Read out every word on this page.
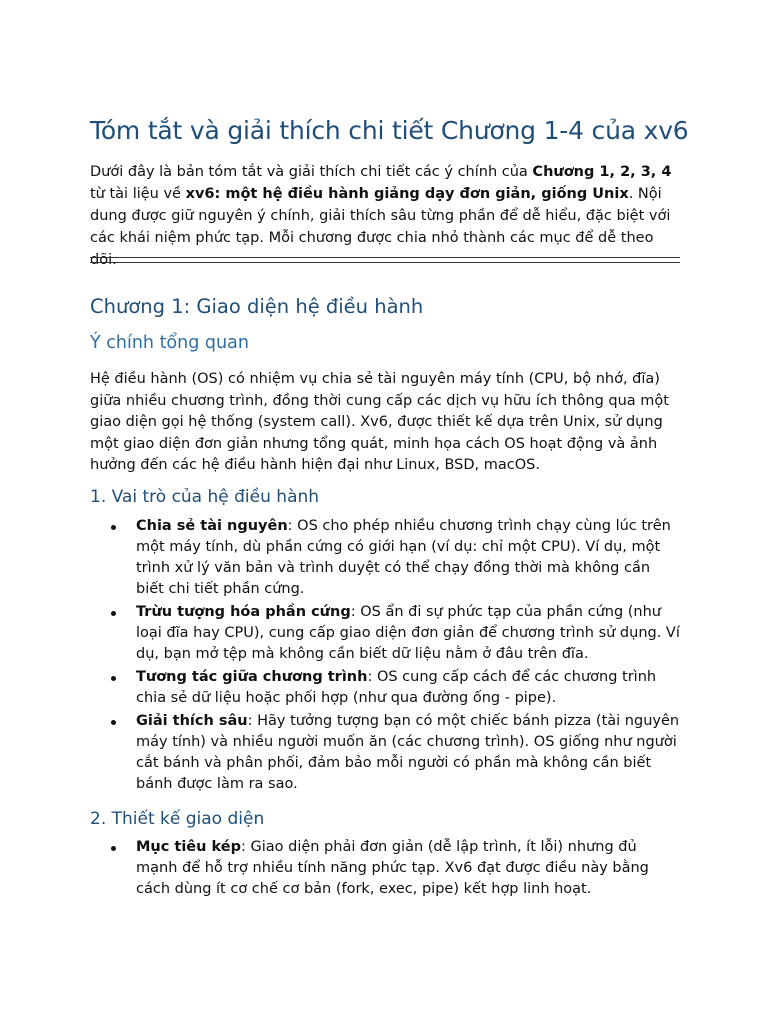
Tóm tắt và giải thích chi tiết Chương 1-4 của xv6

Dưới đây là bản tóm tắt và giải thích chi tiết các ý chính của Chương 1, 2, 3, 4 từ tài liệu về xv6: một hệ điều hành giảng dạy đơn giản, giống Unix. Nội dung được giữ nguyên ý chính, giải thích sâu từng phần để dễ hiểu, đặc biệt với các khái niệm phức tạp. Mỗi chương được chia nhỏ thành các mục để dễ theo dõi.

Chương 1: Giao diện hệ điều hành
Ý chính tổng quan

Hệ điều hành (OS) có nhiệm vụ chia sẻ tài nguyên máy tính (CPU, bộ nhớ, đĩa) giữa nhiều chương trình, đồng thời cung cấp các dịch vụ hữu ích thông qua một giao diện gọi hệ thống (system call). Xv6, được thiết kế dựa trên Unix, sử dụng một giao diện đơn giản nhưng tổng quát, minh họa cách OS hoạt động và ảnh hưởng đến các hệ điều hành hiện đại như Linux, BSD, macOS.

1. Vai trò của hệ điều hành
Chia sẻ tài nguyên: OS cho phép nhiều chương trình chạy cùng lúc trên một máy tính, dù phần cứng có giới hạn (ví dụ: chỉ một CPU). Ví dụ, một trình xử lý văn bản và trình duyệt có thể chạy đồng thời mà không cần biết chi tiết phần cứng.
Trừu tượng hóa phần cứng: OS ẩn đi sự phức tạp của phần cứng (như loại đĩa hay CPU), cung cấp giao diện đơn giản để chương trình sử dụng. Ví dụ, bạn mở tệp mà không cần biết dữ liệu nằm ở đâu trên đĩa.
Tương tác giữa chương trình: OS cung cấp cách để các chương trình chia sẻ dữ liệu hoặc phối hợp (như qua đường ống - pipe).
Giải thích sâu: Hãy tưởng tượng bạn có một chiếc bánh pizza (tài nguyên máy tính) và nhiều người muốn ăn (các chương trình). OS giống như người cắt bánh và phân phối, đảm bảo mỗi người có phần mà không cần biết bánh được làm ra sao.
2. Thiết kế giao diện
Mục tiêu kép: Giao diện phải đơn giản (dễ lập trình, ít lỗi) nhưng đủ mạnh để hỗ trợ nhiều tính năng phức tạp. Xv6 đạt được điều này bằng cách dùng ít cơ chế cơ bản (fork, exec, pipe) kết hợp linh hoạt.
